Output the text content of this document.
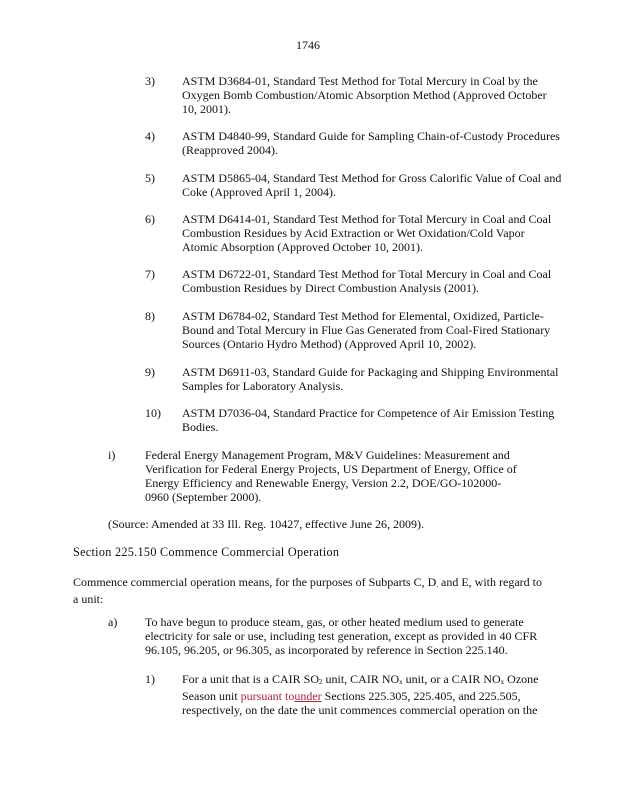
1746
3)	ASTM D3684-01, Standard Test Method for Total Mercury in Coal by the Oxygen Bomb Combustion/Atomic Absorption Method (Approved October 10, 2001).
4)	ASTM D4840-99, Standard Guide for Sampling Chain-of-Custody Procedures (Reapproved 2004).
5)	ASTM D5865-04, Standard Test Method for Gross Calorific Value of Coal and Coke (Approved April 1, 2004).
6)	ASTM D6414-01, Standard Test Method for Total Mercury in Coal and Coal Combustion Residues by Acid Extraction or Wet Oxidation/Cold Vapor Atomic Absorption (Approved October 10, 2001).
7)	ASTM D6722-01, Standard Test Method for Total Mercury in Coal and Coal Combustion Residues by Direct Combustion Analysis (2001).
8)	ASTM D6784-02, Standard Test Method for Elemental, Oxidized, Particle-Bound and Total Mercury in Flue Gas Generated from Coal-Fired Stationary Sources (Ontario Hydro Method) (Approved April 10, 2002).
9)	ASTM D6911-03, Standard Guide for Packaging and Shipping Environmental Samples for Laboratory Analysis.
10)	ASTM D7036-04, Standard Practice for Competence of Air Emission Testing Bodies.
i)	Federal Energy Management Program, M&V Guidelines: Measurement and Verification for Federal Energy Projects, US Department of Energy, Office of Energy Efficiency and Renewable Energy, Version 2.2, DOE/GO-102000-0960 (September 2000).
(Source: Amended at 33 Ill. Reg. 10427, effective June 26, 2009).
Section 225.150 Commence Commercial Operation
Commence commercial operation means, for the purposes of Subparts C, $D_,$ and E, with regard to a unit:
a)	To have begun to produce steam, gas, or other heated medium used to generate electricity for sale or use, including test generation, except as provided in 40 CFR 96.105, 96.205, or 96.305, as incorporated by reference in Section 225.140.
1)	For a unit that is a CAIR $SO_2$ unit, CAIR $NO_x$ unit, or a CAIR $NO_x$ Ozone Season unit pursuant tounder Sections 225.305, 225.405, and 225.505, respectively, on the date the unit commences commercial operation on the
